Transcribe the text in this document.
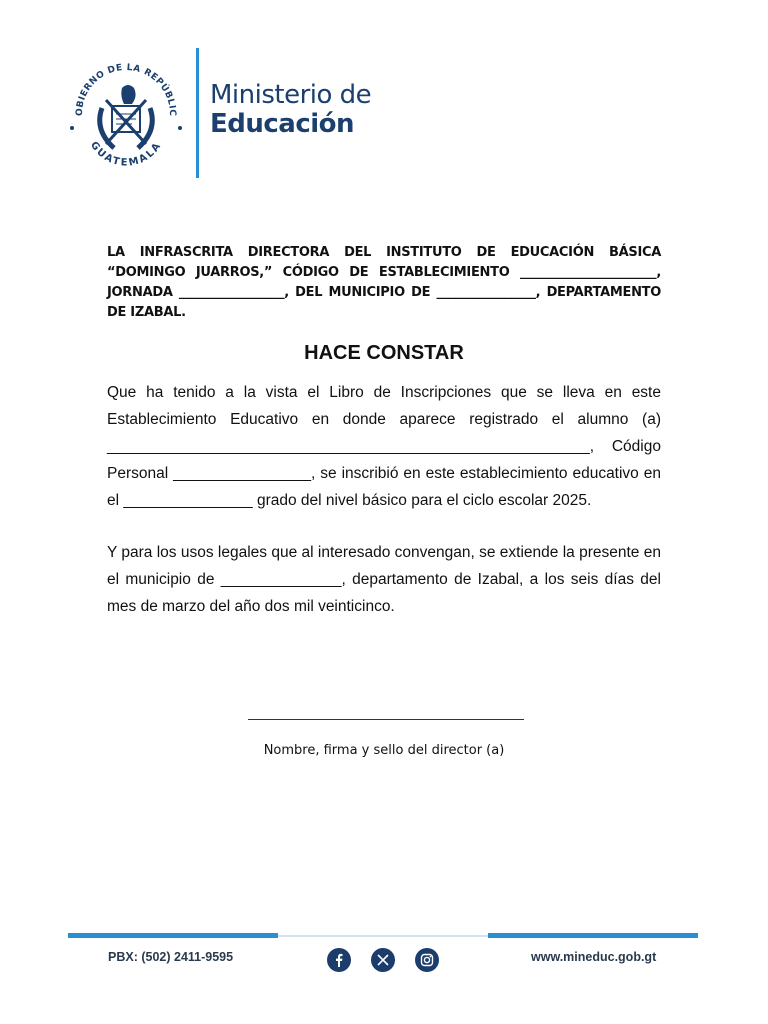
OBIERNO DE LA REPÚBLIC
GUATEMALA
Ministerio de
Educación
LA INFRASCRITA DIRECTORA DEL INSTITUTO DE EDUCACIÓN BÁSICA “DOMINGO JUARROS,” CÓDIGO DE ESTABLECIMIENTO ______________________, JORNADA _________________, DEL MUNICIPIO DE ________________, DEPARTAMENTO DE IZABAL.
HACE CONSTAR
Que ha tenido a la vista el Libro de Inscripciones que se lleva en este Establecimiento Educativo en donde aparece registrado el alumno (a) ________________________________________________________, Código Personal ________________, se inscribió en este establecimiento educativo en el _______________ grado del nivel básico para el ciclo escolar 2025.
Y para los usos legales que al interesado convengan, se extiende la presente en el municipio de ______________, departamento de Izabal, a los seis días del mes de marzo del año dos mil veinticinco.
Nombre, firma y sello del director (a)
PBX: (502) 2411-9595	www.mineduc.gob.gt
